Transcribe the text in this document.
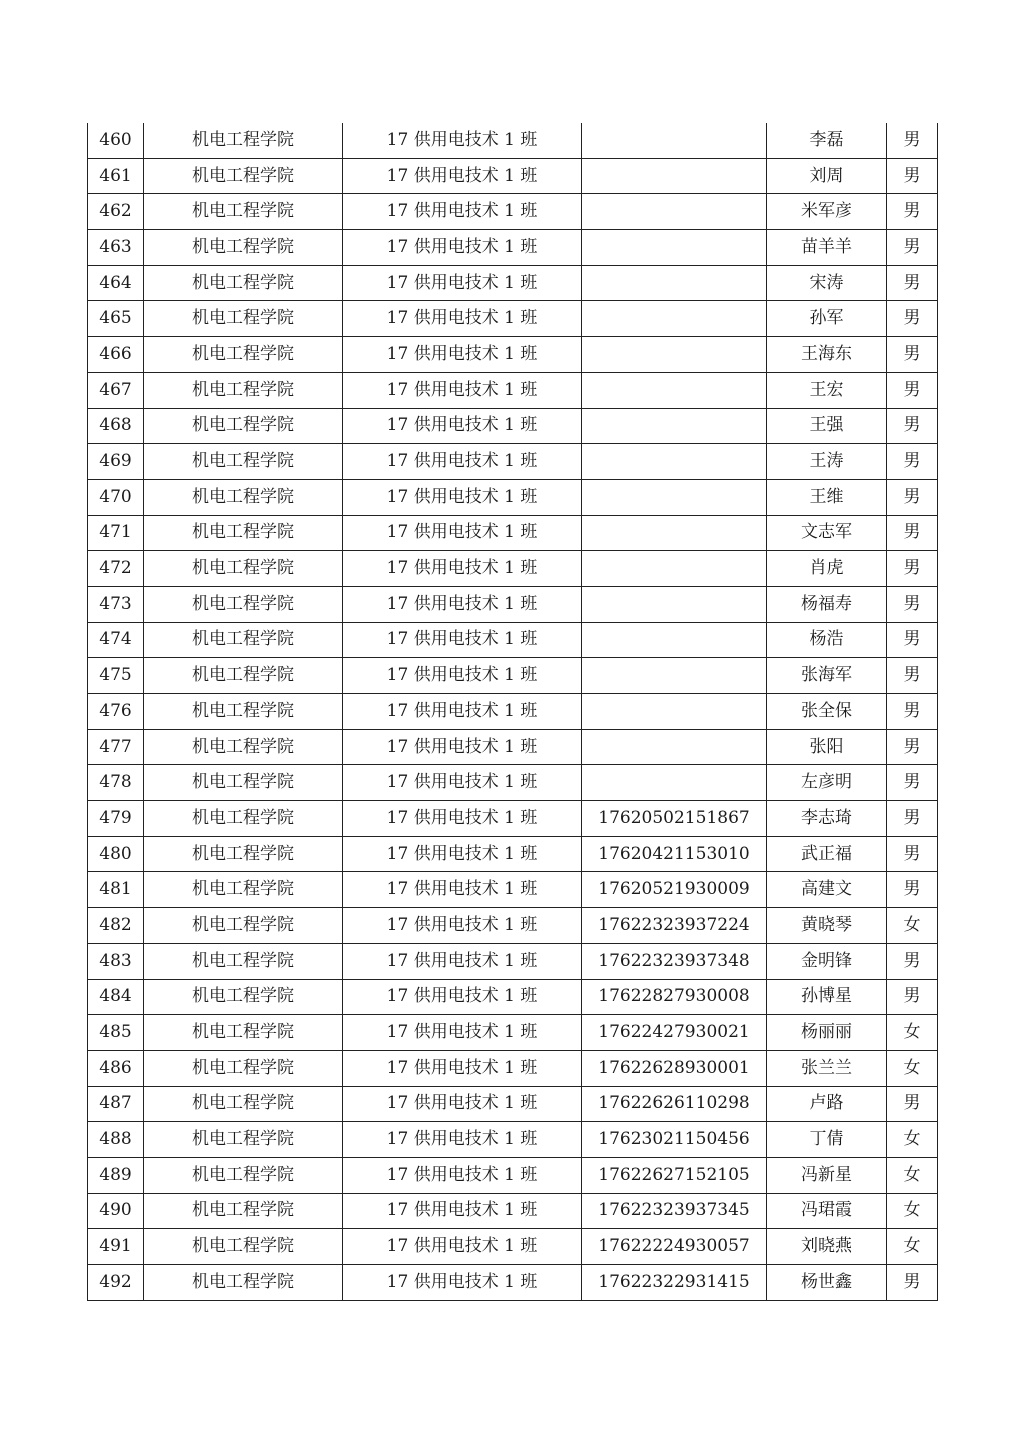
460	机电工程学院	17 供用电技术 1 班		李磊	男
461	机电工程学院	17 供用电技术 1 班		刘周	男
462	机电工程学院	17 供用电技术 1 班		米军彦	男
463	机电工程学院	17 供用电技术 1 班		苗羊羊	男
464	机电工程学院	17 供用电技术 1 班		宋涛	男
465	机电工程学院	17 供用电技术 1 班		孙军	男
466	机电工程学院	17 供用电技术 1 班		王海东	男
467	机电工程学院	17 供用电技术 1 班		王宏	男
468	机电工程学院	17 供用电技术 1 班		王强	男
469	机电工程学院	17 供用电技术 1 班		王涛	男
470	机电工程学院	17 供用电技术 1 班		王维	男
471	机电工程学院	17 供用电技术 1 班		文志军	男
472	机电工程学院	17 供用电技术 1 班		肖虎	男
473	机电工程学院	17 供用电技术 1 班		杨福寿	男
474	机电工程学院	17 供用电技术 1 班		杨浩	男
475	机电工程学院	17 供用电技术 1 班		张海军	男
476	机电工程学院	17 供用电技术 1 班		张全保	男
477	机电工程学院	17 供用电技术 1 班		张阳	男
478	机电工程学院	17 供用电技术 1 班		左彦明	男
479	机电工程学院	17 供用电技术 1 班	17620502151867	李志琦	男
480	机电工程学院	17 供用电技术 1 班	17620421153010	武正福	男
481	机电工程学院	17 供用电技术 1 班	17620521930009	高建文	男
482	机电工程学院	17 供用电技术 1 班	17622323937224	黄晓琴	女
483	机电工程学院	17 供用电技术 1 班	17622323937348	金明锋	男
484	机电工程学院	17 供用电技术 1 班	17622827930008	孙博星	男
485	机电工程学院	17 供用电技术 1 班	17622427930021	杨丽丽	女
486	机电工程学院	17 供用电技术 1 班	17622628930001	张兰兰	女
487	机电工程学院	17 供用电技术 1 班	17622626110298	卢路	男
488	机电工程学院	17 供用电技术 1 班	17623021150456	丁倩	女
489	机电工程学院	17 供用电技术 1 班	17622627152105	冯新星	女
490	机电工程学院	17 供用电技术 1 班	17622323937345	冯珺霞	女
491	机电工程学院	17 供用电技术 1 班	17622224930057	刘晓燕	女
492	机电工程学院	17 供用电技术 1 班	17622322931415	杨世鑫	男
